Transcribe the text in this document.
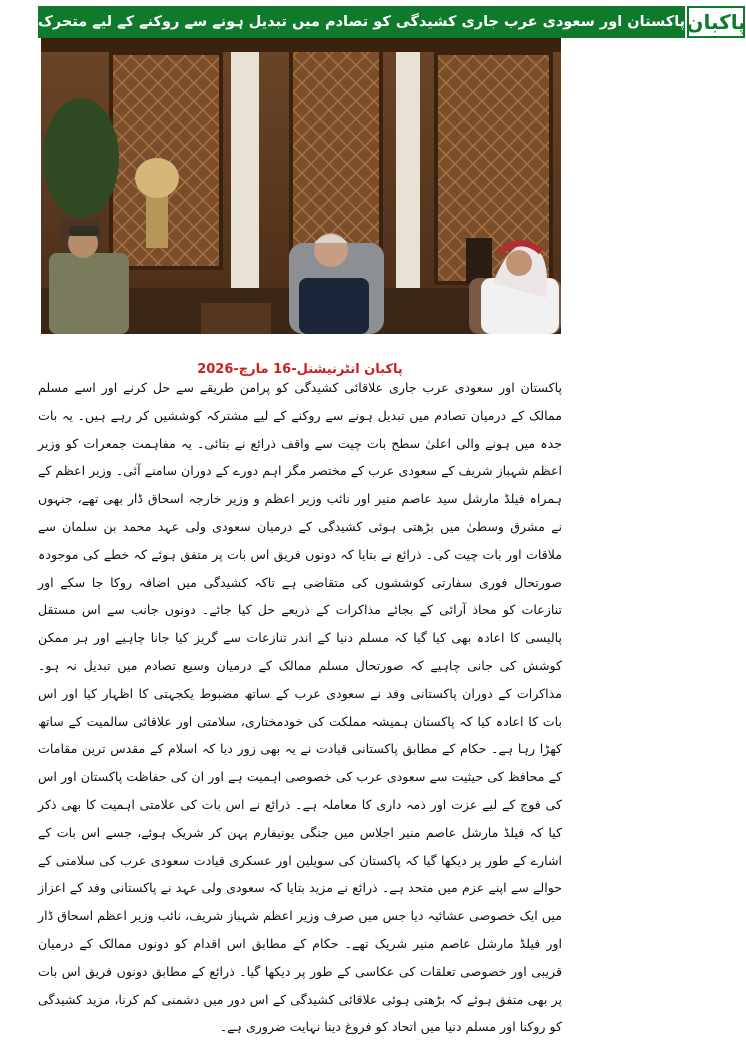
پاکستان اور سعودی عرب جاری کشیدگی کو تصادم میں تبدیل ہونے سے روکنے کے لیے متحرک پاکبان
پاکبان انٹرنیشنل-16 مارچ-2026
پاکستان اور سعودی عرب جاری علاقائی کشیدگی کو پرامن طریقے سے حل کرنے اور اسے مسلم ممالک کے درمیان تصادم میں تبدیل ہونے سے روکنے کے لیے مشترکہ کوششیں کر رہے ہیں۔ یہ بات جدہ میں ہونے والی اعلیٰ سطح بات چیت سے واقف ذرائع نے بتائی۔ یہ مفاہمت جمعرات کو وزیر اعظم شہباز شریف کے سعودی عرب کے مختصر مگر اہم دورے کے دوران سامنے آئی۔ وزیر اعظم کے ہمراہ فیلڈ مارشل سید عاصم منیر اور نائب وزیر اعظم و وزیر خارجہ اسحاق ڈار بھی تھے، جنہوں نے مشرق وسطیٰ میں بڑھتی ہوئی کشیدگی کے درمیان سعودی ولی عہد محمد بن سلمان سے ملاقات اور بات چیت کی۔ ذرائع نے بتایا کہ دونوں فریق اس بات پر متفق ہوئے کہ خطے کی موجودہ صورتحال فوری سفارتی کوششوں کی متقاضی ہے تاکہ کشیدگی میں اضافہ روکا جا سکے اور تنازعات کو محاذ آرائی کے بجائے مذاکرات کے ذریعے حل کیا جائے۔ دونوں جانب سے اس مستقل پالیسی کا اعادہ بھی کیا گیا کہ مسلم دنیا کے اندر تنازعات سے گریز کیا جانا چاہیے اور ہر ممکن کوشش کی جانی چاہیے کہ صورتحال مسلم ممالک کے درمیان وسیع تصادم میں تبدیل نہ ہو۔ مذاکرات کے دوران پاکستانی وفد نے سعودی عرب کے ساتھ مضبوط یکجہتی کا اظہار کیا اور اس بات کا اعادہ کیا کہ پاکستان ہمیشہ مملکت کی خودمختاری، سلامتی اور علاقائی سالمیت کے ساتھ کھڑا رہا ہے۔ حکام کے مطابق پاکستانی قیادت نے یہ بھی زور دیا کہ اسلام کے مقدس ترین مقامات کے محافظ کی حیثیت سے سعودی عرب کی خصوصی اہمیت ہے اور ان کی حفاظت پاکستان اور اس کی فوج کے لیے عزت اور ذمہ داری کا معاملہ ہے۔ ذرائع نے اس بات کی علامتی اہمیت کا بھی ذکر کیا کہ فیلڈ مارشل عاصم منیر اجلاس میں جنگی یونیفارم پہن کر شریک ہوئے، جسے اس بات کے اشارے کے طور پر دیکھا گیا کہ پاکستان کی سویلین اور عسکری قیادت سعودی عرب کی سلامتی کے حوالے سے اپنے عزم میں متحد ہے۔ ذرائع نے مزید بتایا کہ سعودی ولی عہد نے پاکستانی وفد کے اعزاز میں ایک خصوصی عشائیہ دیا جس میں صرف وزیر اعظم شہباز شریف، نائب وزیر اعظم اسحاق ڈار اور فیلڈ مارشل عاصم منیر شریک تھے۔ حکام کے مطابق اس اقدام کو دونوں ممالک کے درمیان قریبی اور خصوصی تعلقات کی عکاسی کے طور پر دیکھا گیا۔ ذرائع کے مطابق دونوں فریق اس بات پر بھی متفق ہوئے کہ بڑھتی ہوئی علاقائی کشیدگی کے اس دور میں دشمنی کم کرنا، مزید کشیدگی کو روکنا اور مسلم دنیا میں اتحاد کو فروغ دینا نہایت ضروری ہے۔
